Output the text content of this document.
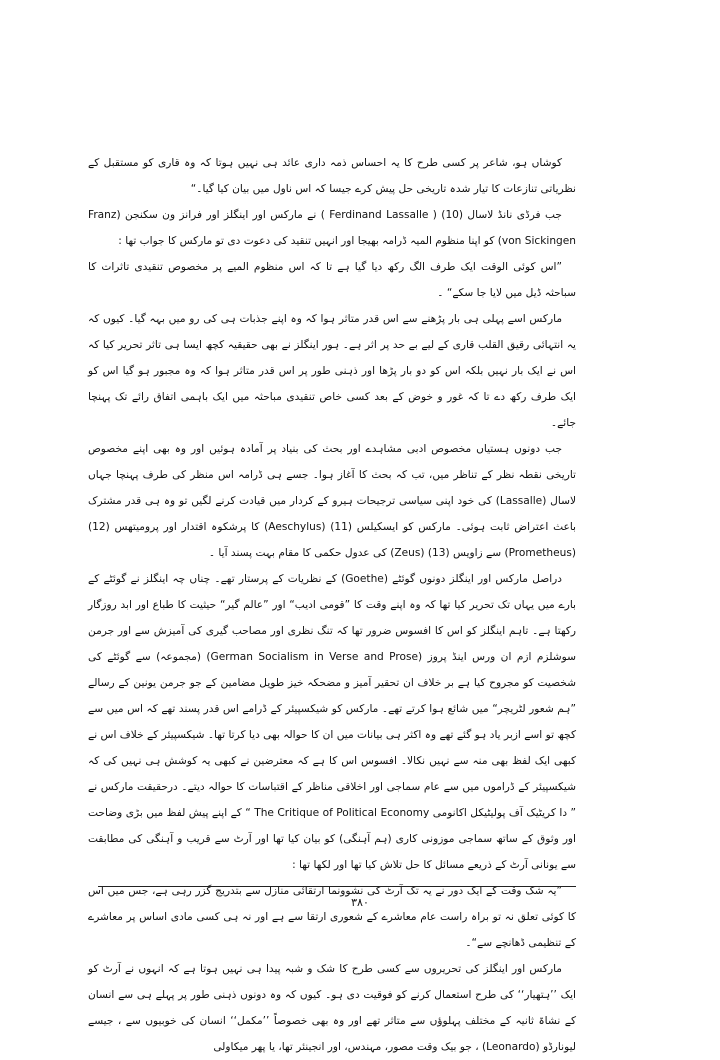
کوشاں ہو، شاعر پر کسی طرح کا یہ احساس ذمہ داری عائد ہی نہیں ہوتا کہ وہ قاری کو مستقبل کے نظریاتی تنازعات کا تیار شدہ تاریخی حل پیش کرے جیسا کہ اس ناول میں بیان کیا گیا۔“

جب فرڈی نانڈ لاسال (10) ( Ferdinand Lassalle ) نے مارکس اور اینگلز اور فرانز ون سکنجن (Franz von Sickingen) کو اپنا منظوم المیہ ڈرامہ بھیجا اور انہیں تنقید کی دعوت دی تو مارکس کا جواب تھا :

”اس کوئی الوقت ایک طرف الگ رکھ دیا گیا ہے تا کہ اس منظوم المیے پر مخصوص تنقیدی تاثرات کا سباحثہ ڈیل میں لایا جا سکے“ ۔

مارکس اسے پہلی ہی بار پڑھنے سے اس قدر متاثر ہوا کہ وہ اپنے جذبات ہی کی رو میں بہہ گیا۔ کیوں کہ یہ انتہائی رقیق القلب قاری کے لیے بے حد پر اثر ہے۔ ہور اینگلز نے بھی حقیقیہ کچھ ایسا ہی تاثر تحریر کیا کہ اس نے ایک بار نہیں بلکہ اس کو دو بار پڑھا اور ذہنی طور پر اس قدر متاثر ہوا کہ وہ مجبور ہو گیا اس کو ایک طرف رکھ دے تا کہ غور و خوض کے بعد کسی خاص تنقیدی مباحثہ میں ایک باہمی اتفاق رائے تک پہنچا جائے۔

جب دونوں ہستیاں مخصوص ادبی مشاہدے اور بحث کی بنیاد پر آمادہ ہوئیں اور وہ بھی اپنے مخصوص تاریخی نقطہ نظر کے تناظر میں، تب کہ بحث کا آغاز ہوا۔ جسے ہی ڈرامہ اس منظر کی طرف پہنچا جہاں لاسال (Lassalle) کی خود اپنی سیاسی ترجیحات ہیرو کے کردار میں قیادت کرنے لگیں تو وہ ہی قدر مشترک باعث اعتراض ثابت ہوئی۔ مارکس کو ایسکیلس (11) (Aeschylus) کا پرشکوہ اقتدار اور پرومیتھس (12) (Prometheus) سے زاویس (13) (Zeus) کی عدول حکمی کا مقام بہت پسند آیا ۔

دراصل مارکس اور اینگلز دونوں گوئٹے (Goethe) کے نظریات کے پرستار تھے۔ چناں چہ اینگلز نے گوئٹے کے بارے میں یہاں تک تحریر کیا تھا کہ وہ اپنے وقت کا ”قومی ادیب“ اور ”عالم گیر“ حیثیت کا طباع اور ابد روزگار رکھتا ہے۔ تاہم اینگلز کو اس کا افسوس ضرور تھا کہ تنگ نظری اور مصاحب گیری کی آمیزش سے اور جرمن سوشلزم ازم ان ورس اینڈ پروز (German Socialism in Verse and Prose) (مجموعہ) سے گوئٹے کی شخصیت کو مجروح کیا ہے بر خلاف ان تحقیر آمیز و مضحکہ خیز طویل مضامین کے جو جرمن یونین کے رسالے ”ہم شعور لٹریچر“ میں شائع ہوا کرتے تھے۔ مارکس کو شیکسپیئر کے ڈرامے اس قدر پسند تھے کہ اس میں سے کچھ تو اسے ازبر یاد ہو گئے تھے وہ اکثر ہی بیانات میں ان کا حوالہ بھی دیا کرتا تھا۔ شیکسپیئر کے خلاف اس نے کبھی ایک لفظ بھی منہ سے نہیں نکالا۔ افسوس اس کا ہے کہ معترضین نے کبھی یہ کوشش ہی نہیں کی کہ شیکسپیئر کے ڈراموں میں سے عام سماجی اور اخلاقی مناظر کے اقتباسات کا حوالہ دیتے۔ درحقیقت مارکس نے ” دا کریٹیک آف پولیٹیکل اکانومی The Critique of Political Economy “ کے اپنے پیش لفظ میں بڑی وضاحت اور وثوق کے ساتھ سماجی موزونی کاری (ہم آہنگی) کو بیان کیا تھا اور آرٹ سے قریب و آہنگی کی مطابقت سے یونانی آرٹ کے ذریعے مسائل کا حل تلاش کیا تھا اور لکھا تھا :

”یہ شک وقت کے ایک دور نے یہ تک آرٹ کی نشوونما ارتقائی منازل سے بتدریج گزر رہی ہے، جس میں اس کا کوئی تعلق نہ تو براہ راست عام معاشرے کے شعوری ارتقا سے ہے اور نہ ہی کسی مادی اساس پر معاشرے کے تنظیمی ڈھانچے سے“۔

مارکس اور اینگلز کی تحریروں سے کسی طرح کا شک و شبہ پیدا ہی نہیں ہوتا ہے کہ انہوں نے آرٹ کو ایک ’’ہتھیار‘‘ کی طرح استعمال کرنے کو فوقیت دی ہو۔ کیوں کہ وہ دونوں ذہنی طور پر پہلے ہی سے انسان کے نشاۃ ثانیہ کے مختلف پہلوؤں سے متاثر تھے اور وہ بھی خصوصاً ’’مکمل‘‘ انسان کی خوبیوں سے ، جیسے لیونارڈو (Leonardo) ، جو بیک وقت مصور، مہندس، اور انجینئر تھا، یا پھر میکاولی

۳۸۰
